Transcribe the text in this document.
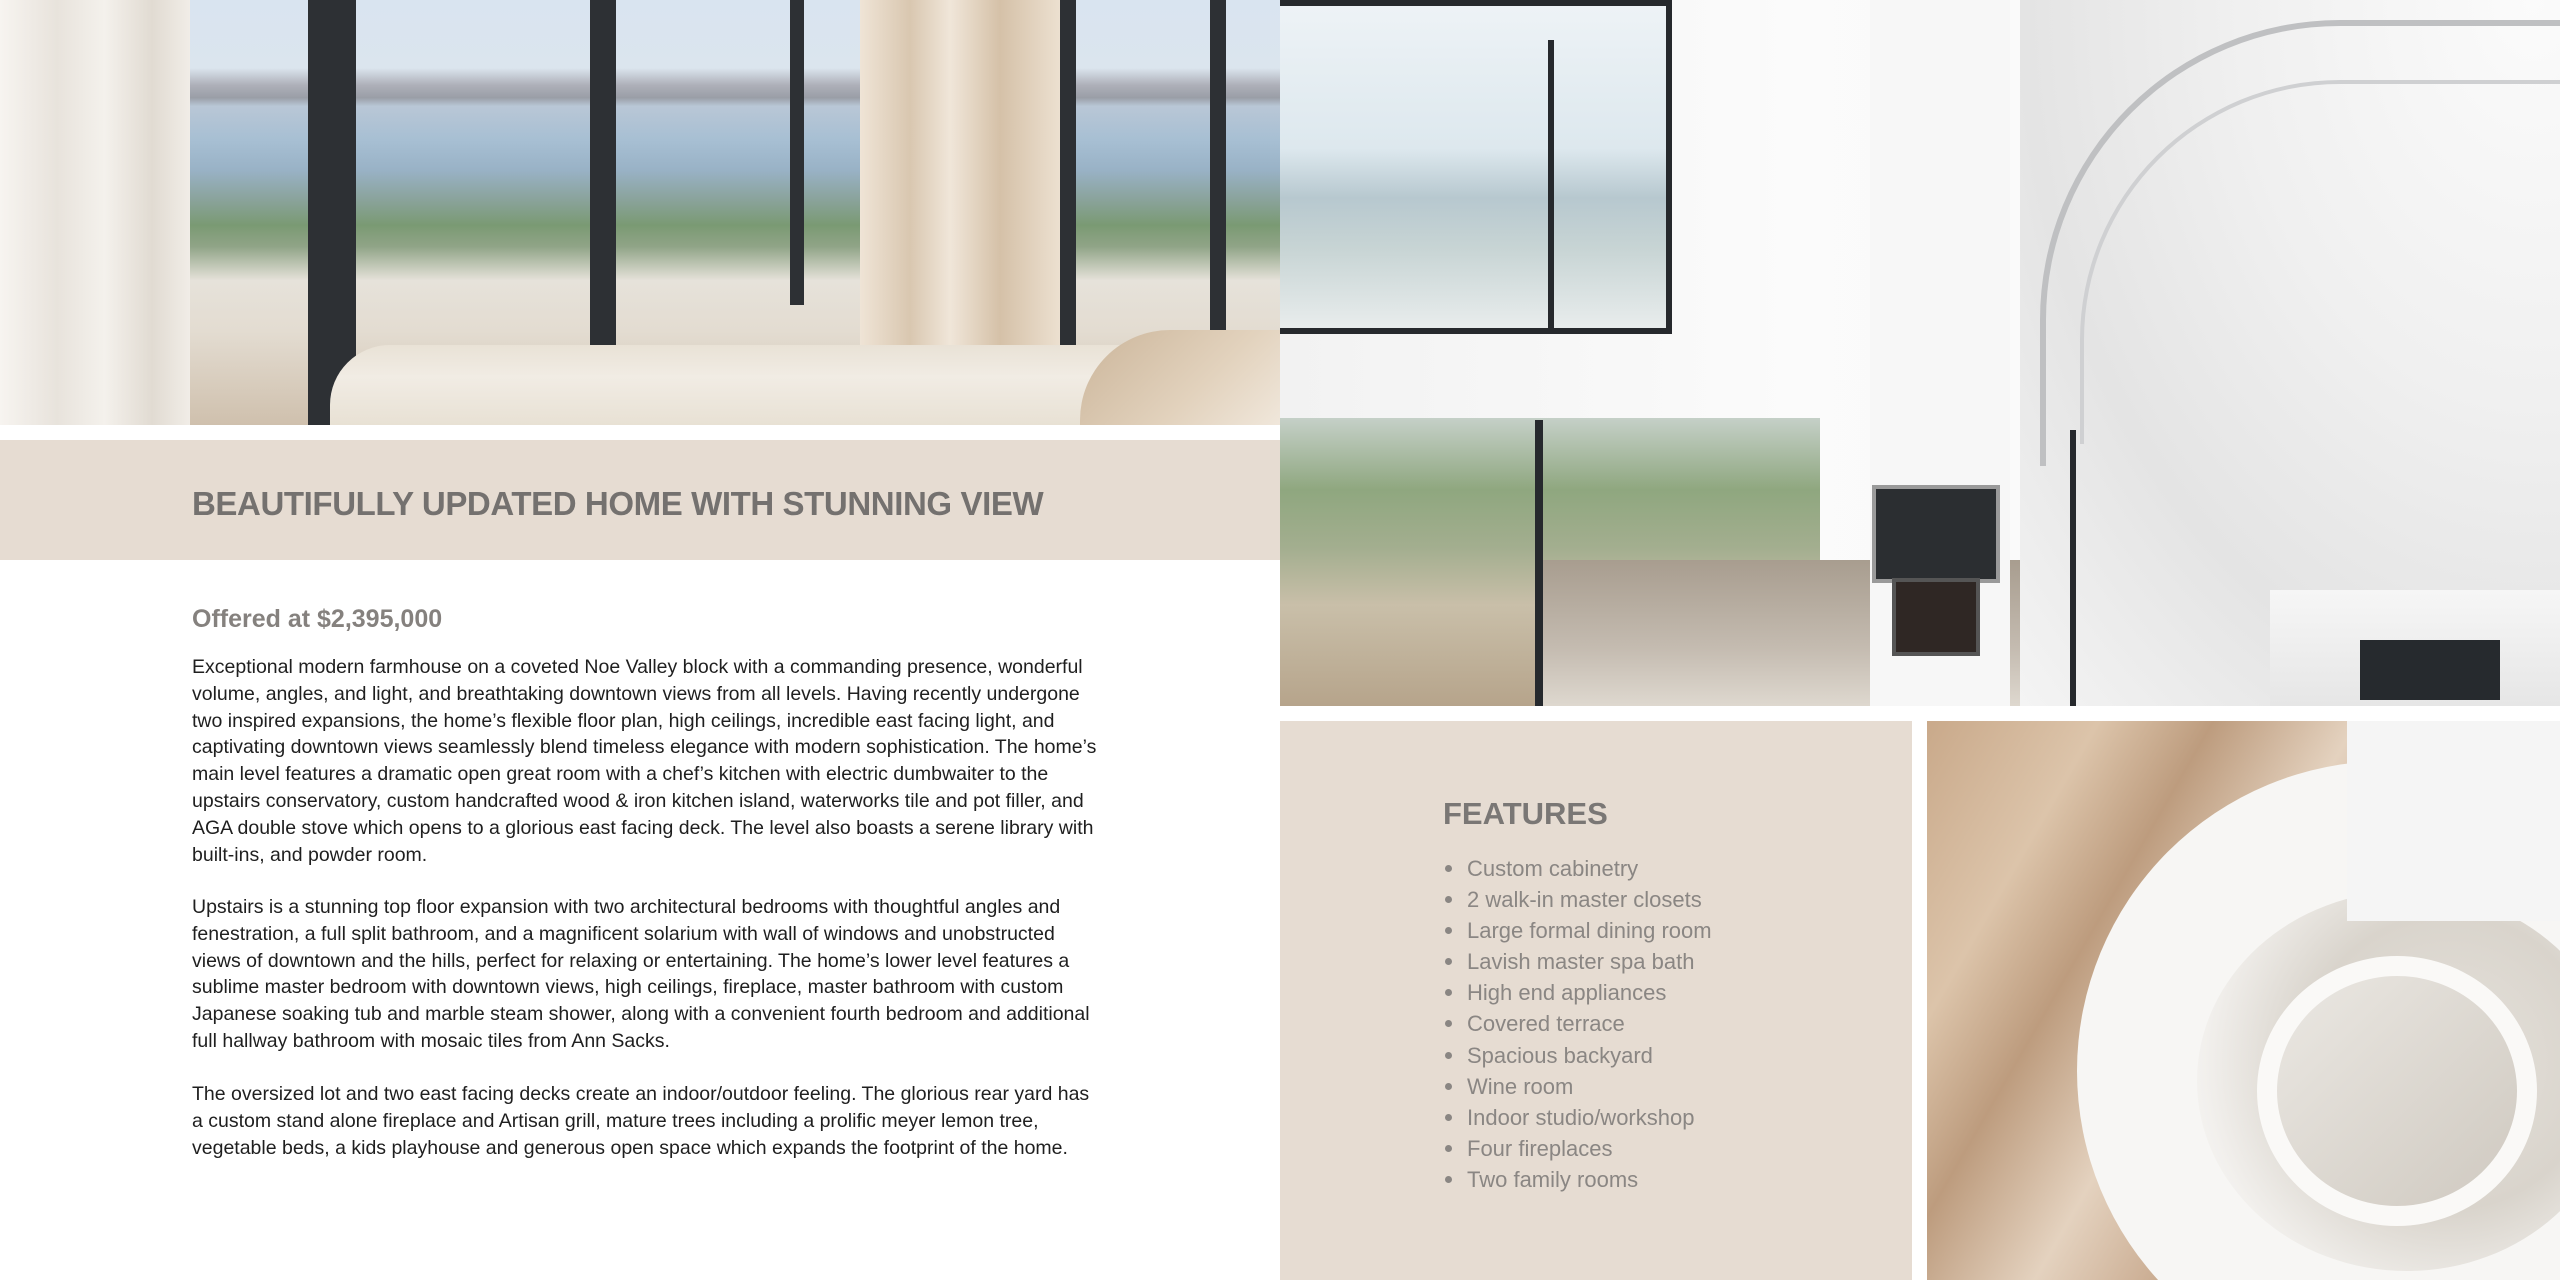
BEAUTIFULLY UPDATED HOME WITH STUNNING VIEW
Offered at $2,395,000

Exceptional modern farmhouse on a coveted Noe Valley block with a commanding presence, wonderful volume, angles, and light, and breathtaking downtown views from all levels. Having recently undergone two inspired expansions, the home’s flexible floor plan, high ceilings, incredible east facing light, and captivating downtown views seamlessly blend timeless elegance with modern sophistication. The home’s main level features a dramatic open great room with a chef’s kitchen with electric dumbwaiter to the upstairs conservatory, custom handcrafted wood & iron kitchen island, waterworks tile and pot filler, and AGA double stove which opens to a glorious east facing deck. The level also boasts a serene library with built-ins, and powder room.

Upstairs is a stunning top floor expansion with two architectural bedrooms with thoughtful angles and fenestration, a full split bathroom, and a magnificent solarium with wall of windows and unobstructed views of downtown and the hills, perfect for relaxing or entertaining. The home’s lower level features a sublime master bedroom with downtown views, high ceilings, fireplace, master bathroom with custom Japanese soaking tub and marble steam shower, along with a convenient fourth bedroom and additional full hallway bathroom with mosaic tiles from Ann Sacks.

The oversized lot and two east facing decks create an indoor/outdoor feeling. The glorious rear yard has a custom stand alone fireplace and Artisan grill, mature trees including a prolific meyer lemon tree, vegetable beds, a kids playhouse and generous open space which expands the footprint of the home.

FEATURES
Custom cabinetry
2 walk-in master closets
Large formal dining room
Lavish master spa bath
High end appliances
Covered terrace
Spacious backyard
Wine room
Indoor studio/workshop
Four fireplaces
Two family rooms
